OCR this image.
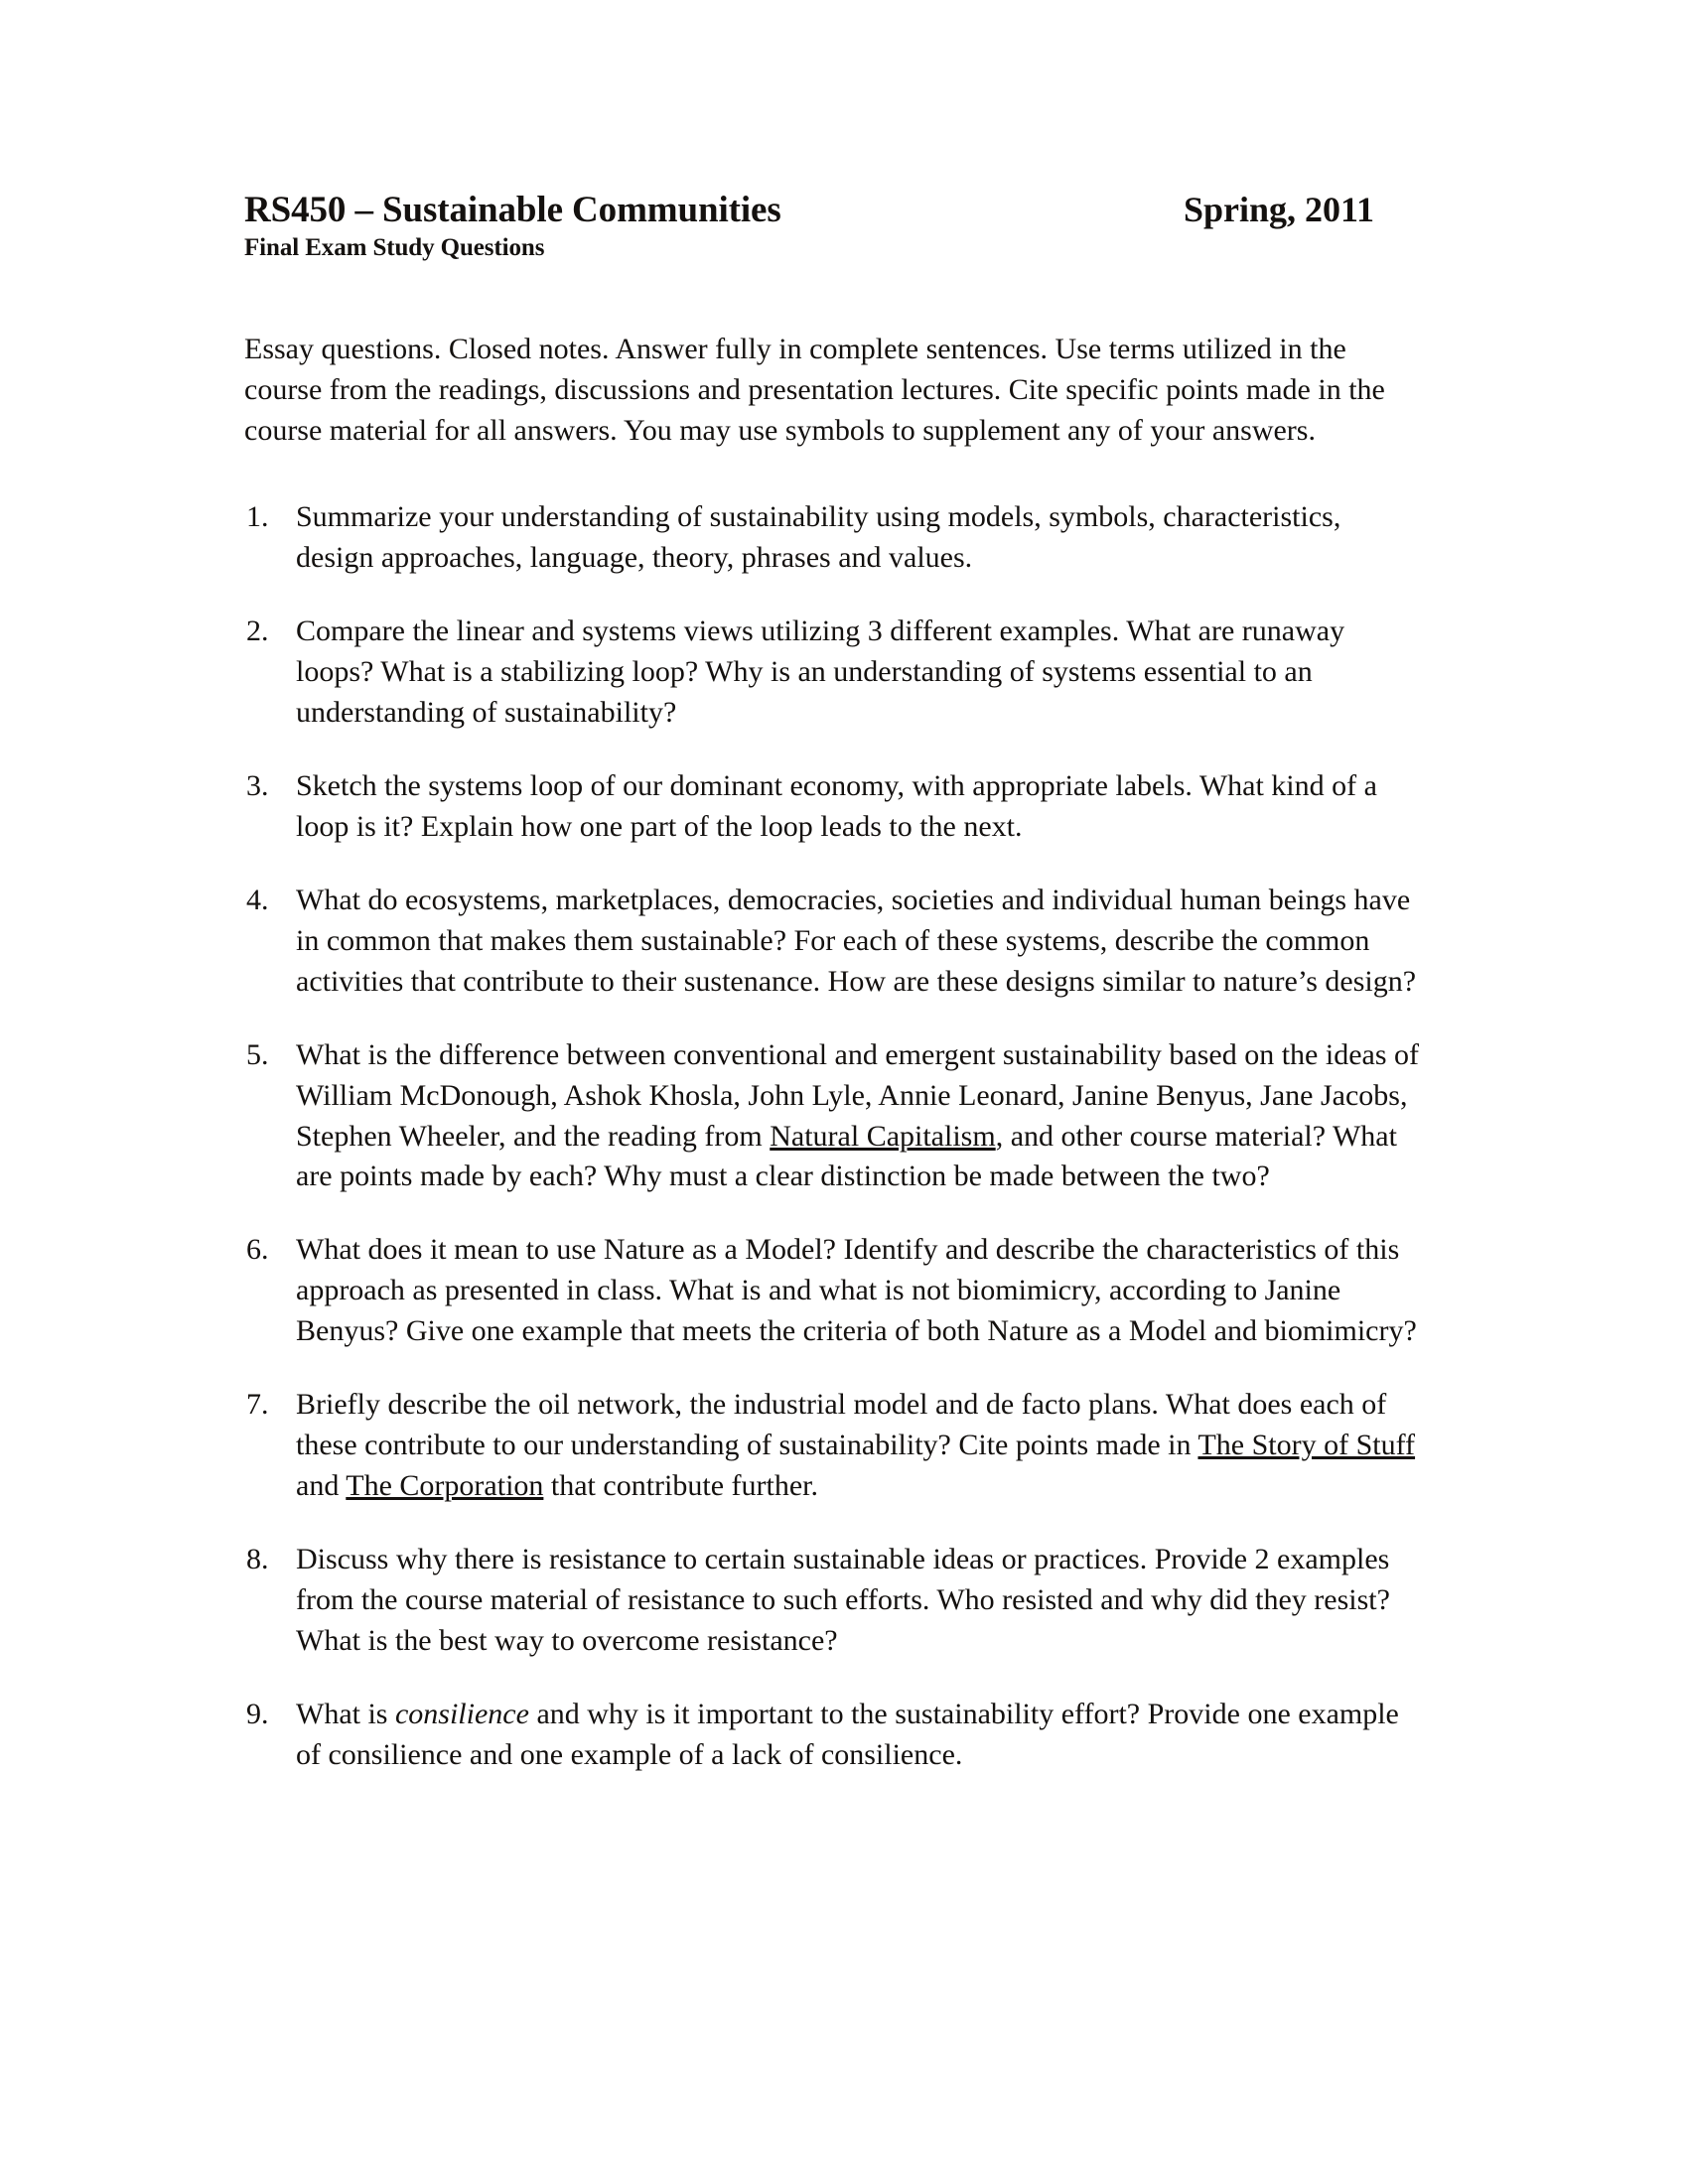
RS450 – Sustainable Communities	Spring, 2011
Final Exam Study Questions
Essay questions. Closed notes. Answer fully in complete sentences. Use terms utilized in the course from the readings, discussions and presentation lectures. Cite specific points made in the course material for all answers. You may use symbols to supplement any of your answers.
1. Summarize your understanding of sustainability using models, symbols, characteristics, design approaches, language, theory, phrases and values.
2. Compare the linear and systems views utilizing 3 different examples. What are runaway loops? What is a stabilizing loop? Why is an understanding of systems essential to an understanding of sustainability?
3. Sketch the systems loop of our dominant economy, with appropriate labels. What kind of a loop is it? Explain how one part of the loop leads to the next.
4. What do ecosystems, marketplaces, democracies, societies and individual human beings have in common that makes them sustainable? For each of these systems, describe the common activities that contribute to their sustenance. How are these designs similar to nature’s design?
5. What is the difference between conventional and emergent sustainability based on the ideas of William McDonough, Ashok Khosla, John Lyle, Annie Leonard, Janine Benyus, Jane Jacobs, Stephen Wheeler, and the reading from Natural Capitalism, and other course material? What are points made by each? Why must a clear distinction be made between the two?
6. What does it mean to use Nature as a Model? Identify and describe the characteristics of this approach as presented in class. What is and what is not biomimicry, according to Janine Benyus? Give one example that meets the criteria of both Nature as a Model and biomimicry?
7. Briefly describe the oil network, the industrial model and de facto plans. What does each of these contribute to our understanding of sustainability? Cite points made in The Story of Stuff and The Corporation that contribute further.
8. Discuss why there is resistance to certain sustainable ideas or practices. Provide 2 examples from the course material of resistance to such efforts. Who resisted and why did they resist? What is the best way to overcome resistance?
9. What is consilience and why is it important to the sustainability effort? Provide one example of consilience and one example of a lack of consilience.
